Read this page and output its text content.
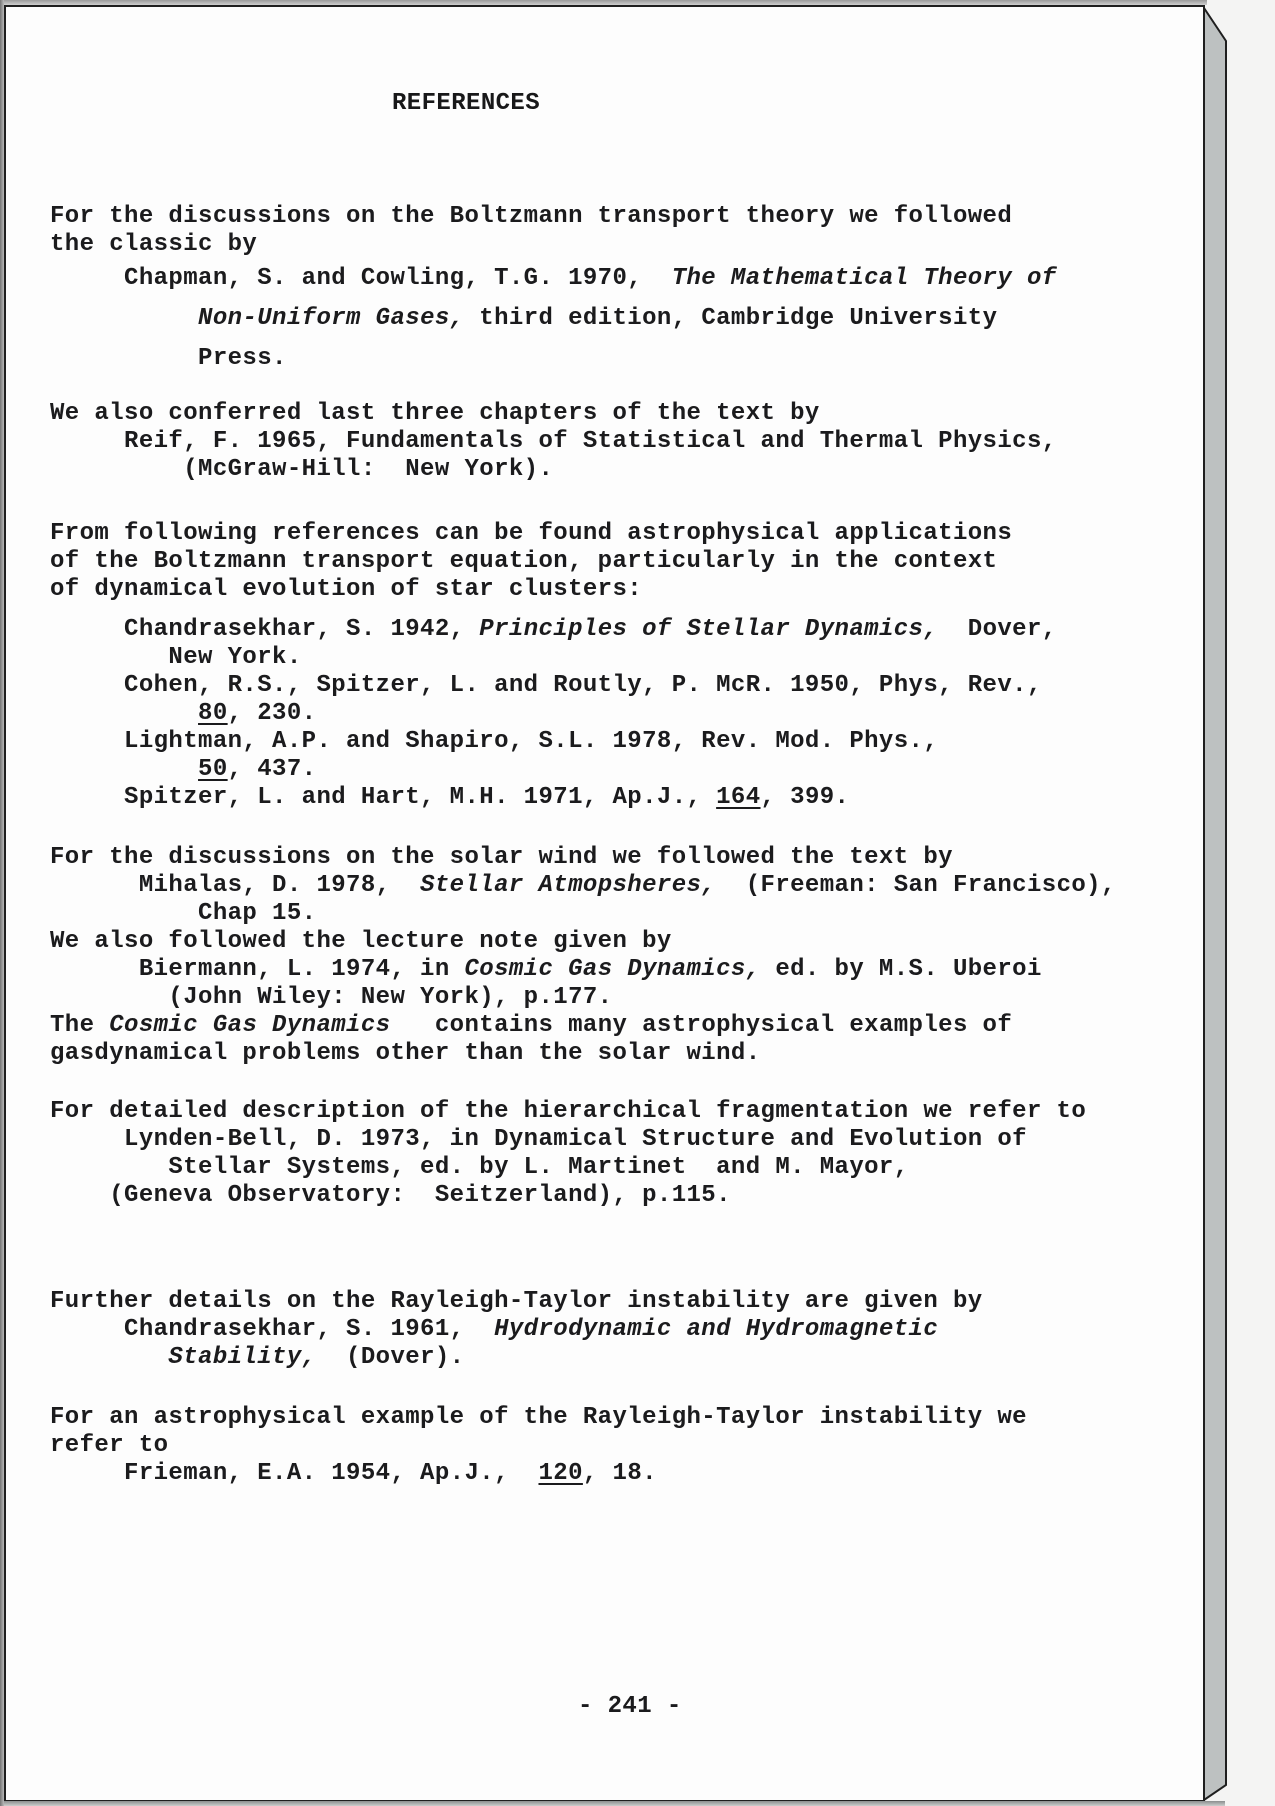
REFERENCES
For the discussions on the Boltzmann transport theory we followed
the classic by
Chapman, S. and Cowling, T.G. 1970,  The Mathematical Theory of
Non-Uniform Gases, third edition, Cambridge University
Press.
We also conferred last three chapters of the text by
Reif, F. 1965, Fundamentals of Statistical and Thermal Physics,
(McGraw-Hill:  New York).
From following references can be found astrophysical applications
of the Boltzmann transport equation, particularly in the context
of dynamical evolution of star clusters:
Chandrasekhar, S. 1942, Principles of Stellar Dynamics,  Dover,
New York.
Cohen, R.S., Spitzer, L. and Routly, P. McR. 1950, Phys, Rev.,
80, 230.
Lightman, A.P. and Shapiro, S.L. 1978, Rev. Mod. Phys.,
50, 437.
Spitzer, L. and Hart, M.H. 1971, Ap.J., 164, 399.
For the discussions on the solar wind we followed the text by
Mihalas, D. 1978,  Stellar Atmopsheres,  (Freeman: San Francisco),
Chap 15.
We also followed the lecture note given by
Biermann, L. 1974, in Cosmic Gas Dynamics, ed. by M.S. Uberoi
(John Wiley: New York), p.177.
The Cosmic Gas Dynamics   contains many astrophysical examples of
gasdynamical problems other than the solar wind.
For detailed description of the hierarchical fragmentation we refer to
Lynden-Bell, D. 1973, in Dynamical Structure and Evolution of
Stellar Systems, ed. by L. Martinet  and M. Mayor,
(Geneva Observatory:  Seitzerland), p.115.
Further details on the Rayleigh-Taylor instability are given by
Chandrasekhar, S. 1961,  Hydrodynamic and Hydromagnetic
Stability,  (Dover).
For an astrophysical example of the Rayleigh-Taylor instability we
refer to
Frieman, E.A. 1954, Ap.J.,  120, 18.
- 241 -
